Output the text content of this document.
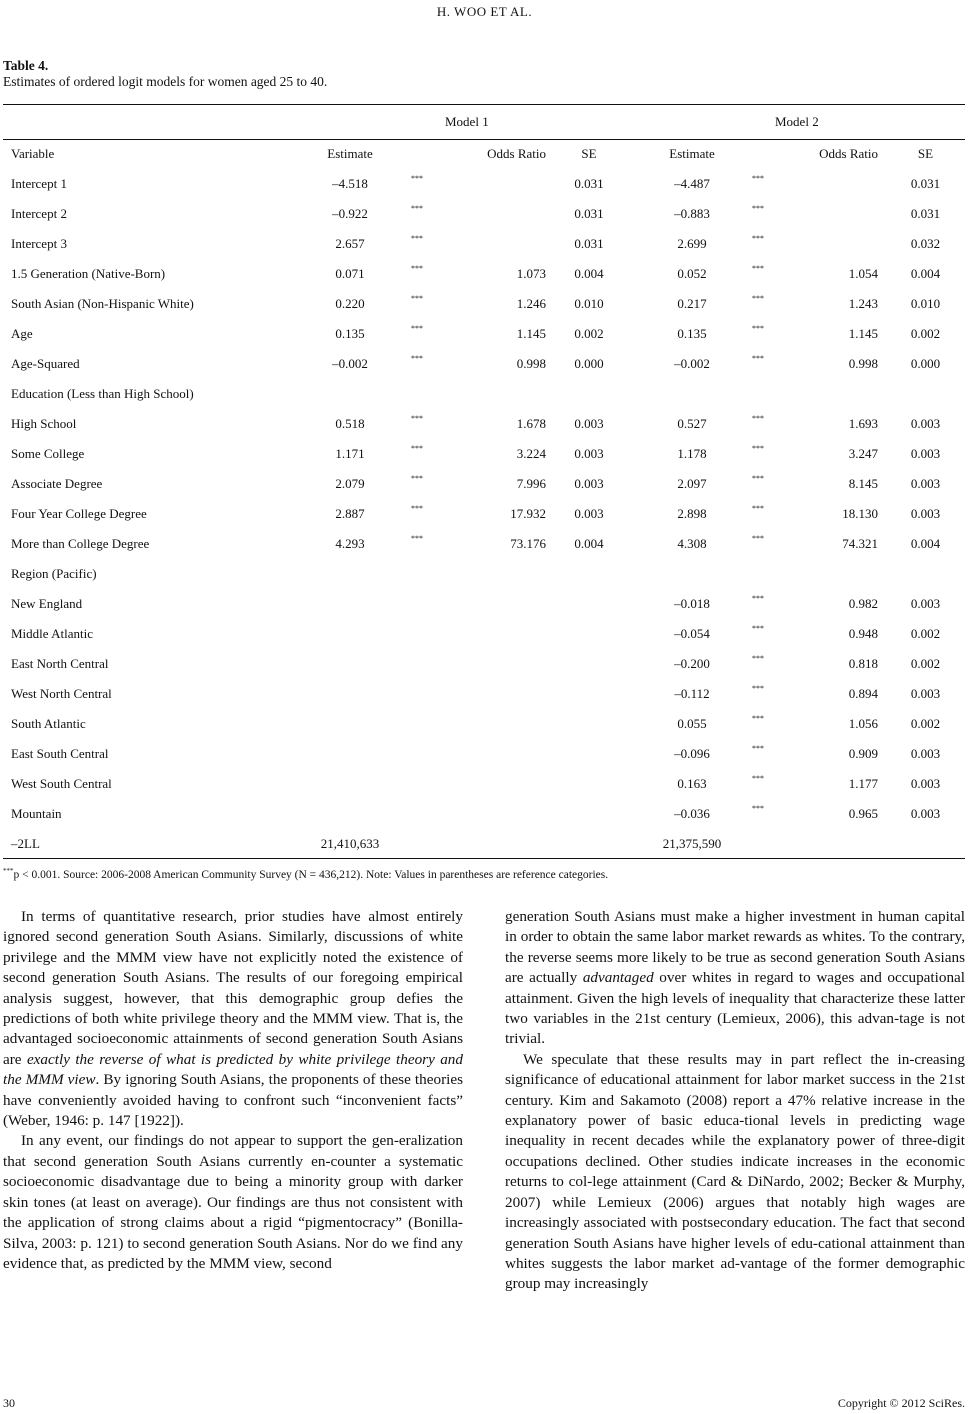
H. WOO ET AL.
Table 4.
Estimates of ordered logit models for women aged 25 to 40.
Model 1	Model 2
Variable	Estimate		Odds Ratio	SE	Estimate		Odds Ratio	SE
Intercept 1	–4.518	***		0.031	–4.487	***		0.031
Intercept 2	–0.922	***		0.031	–0.883	***		0.031
Intercept 3	2.657	***		0.031	2.699	***		0.032
1.5 Generation (Native-Born)	0.071	***	1.073	0.004	0.052	***	1.054	0.004
South Asian (Non-Hispanic White)	0.220	***	1.246	0.010	0.217	***	1.243	0.010
Age	0.135	***	1.145	0.002	0.135	***	1.145	0.002
Age-Squared	–0.002	***	0.998	0.000	–0.002	***	0.998	0.000
Education (Less than High School)								
High School	0.518	***	1.678	0.003	0.527	***	1.693	0.003
Some College	1.171	***	3.224	0.003	1.178	***	3.247	0.003
Associate Degree	2.079	***	7.996	0.003	2.097	***	8.145	0.003
Four Year College Degree	2.887	***	17.932	0.003	2.898	***	18.130	0.003
More than College Degree	4.293	***	73.176	0.004	4.308	***	74.321	0.004
Region (Pacific)								
New England					–0.018	***	0.982	0.003
Middle Atlantic					–0.054	***	0.948	0.002
East North Central					–0.200	***	0.818	0.002
West North Central					–0.112	***	0.894	0.003
South Atlantic					0.055	***	1.056	0.002
East South Central					–0.096	***	0.909	0.003
West South Central					0.163	***	1.177	0.003
Mountain					–0.036	***	0.965	0.003
–2LL	21,410,633				21,375,590			
***p < 0.001. Source: 2006-2008 American Community Survey (N = 436,212). Note: Values in parentheses are reference categories.

In terms of quantitative research, prior studies have almost entirely ignored second generation South Asians. Similarly, discussions of white privilege and the MMM view have not explicitly noted the existence of second generation South Asians. The results of our foregoing empirical analysis suggest, however, that this demographic group defies the predictions of both white privilege theory and the MMM view. That is, the advantaged socioeconomic attainments of second generation South Asians are exactly the reverse of what is predicted by white privilege theory and the MMM view. By ignoring South Asians, the proponents of these theories have conveniently avoided having to confront such “inconvenient facts” (Weber, 1946: p. 147 [1922]).

In any event, our findings do not appear to support the gen-eralization that second generation South Asians currently en-counter a systematic socioeconomic disadvantage due to being a minority group with darker skin tones (at least on average). Our findings are thus not consistent with the application of strong claims about a rigid “pigmentocracy” (Bonilla-Silva, 2003: p. 121) to second generation South Asians. Nor do we find any evidence that, as predicted by the MMM view, second

generation South Asians must make a higher investment in human capital in order to obtain the same labor market rewards as whites. To the contrary, the reverse seems more likely to be true as second generation South Asians are actually advantaged over whites in regard to wages and occupational attainment. Given the high levels of inequality that characterize these latter two variables in the 21st century (Lemieux, 2006), this advan-tage is not trivial.

We speculate that these results may in part reflect the in-creasing significance of educational attainment for labor market success in the 21st century. Kim and Sakamoto (2008) report a 47% relative increase in the explanatory power of basic educa-tional levels in predicting wage inequality in recent decades while the explanatory power of three-digit occupations declined. Other studies indicate increases in the economic returns to col-lege attainment (Card & DiNardo, 2002; Becker & Murphy, 2007) while Lemieux (2006) argues that notably high wages are increasingly associated with postsecondary education. The fact that second generation South Asians have higher levels of edu-cational attainment than whites suggests the labor market ad-vantage of the former demographic group may increasingly

30	Copyright © 2012 SciRes.
